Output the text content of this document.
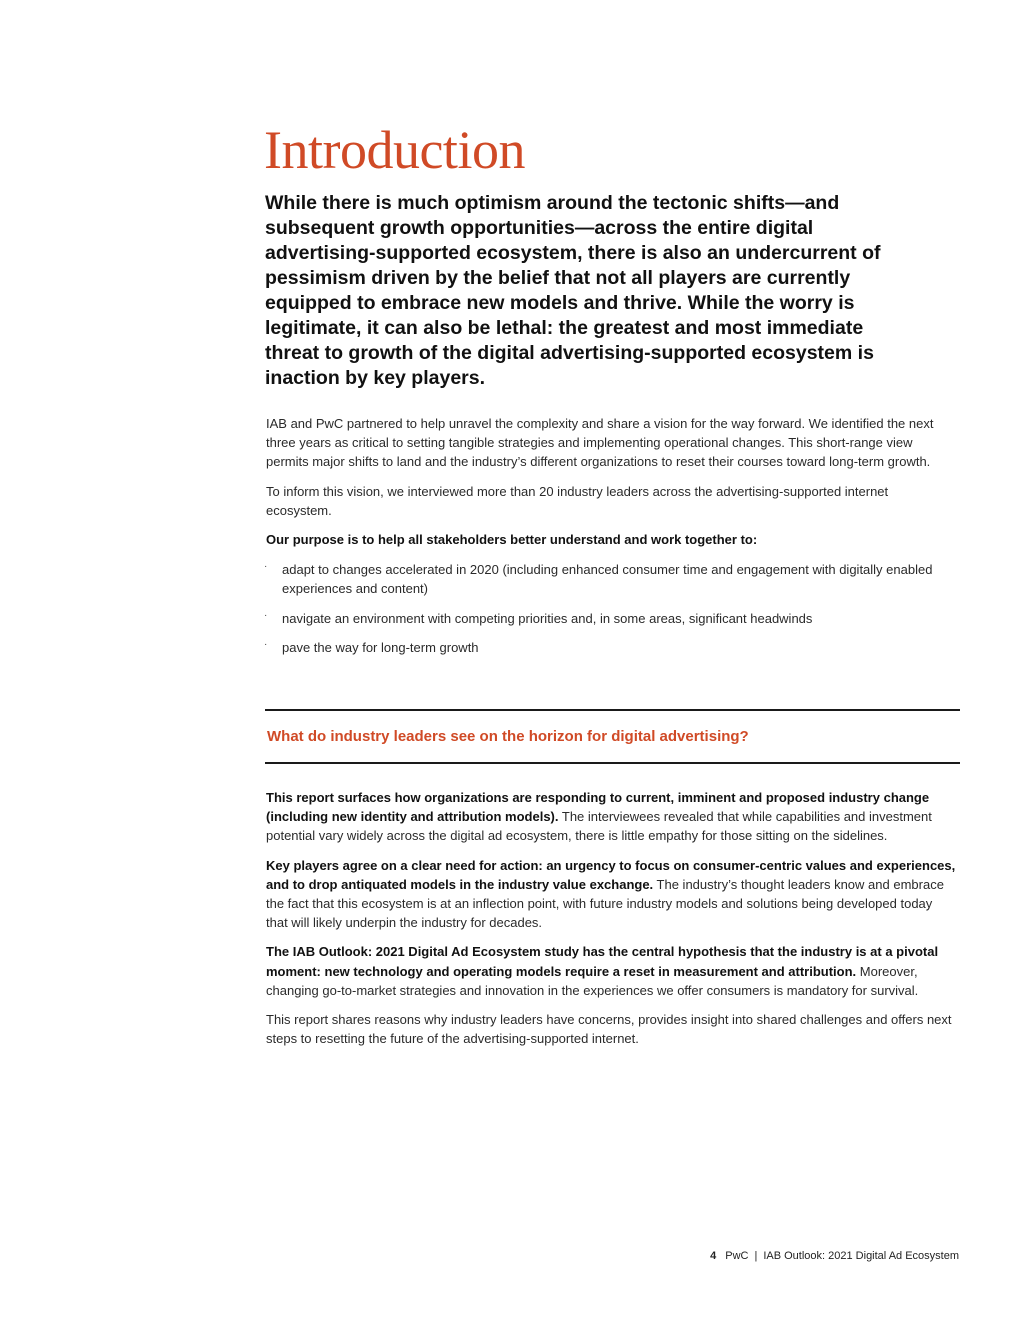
Introduction

While there is much optimism around the tectonic shifts—and subsequent growth opportunities—across the entire digital advertising-supported ecosystem, there is also an undercurrent of pessimism driven by the belief that not all players are currently equipped to embrace new models and thrive. While the worry is legitimate, it can also be lethal: the greatest and most immediate threat to growth of the digital advertising-supported ecosystem is inaction by key players.

IAB and PwC partnered to help unravel the complexity and share a vision for the way forward. We identified the next three years as critical to setting tangible strategies and implementing operational changes. This short-range view permits major shifts to land and the industry’s different organizations to reset their courses toward long-term growth.

To inform this vision, we interviewed more than 20 industry leaders across the advertising-supported internet ecosystem.

Our purpose is to help all stakeholders better understand and work together to:

· adapt to changes accelerated in 2020 (including enhanced consumer time and engagement with digitally enabled experiences and content)
· navigate an environment with competing priorities and, in some areas, significant headwinds
· pave the way for long-term growth

What do industry leaders see on the horizon for digital advertising?

This report surfaces how organizations are responding to current, imminent and proposed industry change (including new identity and attribution models). The interviewees revealed that while capabilities and investment potential vary widely across the digital ad ecosystem, there is little empathy for those sitting on the sidelines.

Key players agree on a clear need for action: an urgency to focus on consumer-centric values and experiences, and to drop antiquated models in the industry value exchange. The industry’s thought leaders know and embrace the fact that this ecosystem is at an inflection point, with future industry models and solutions being developed today that will likely underpin the industry for decades.

The IAB Outlook: 2021 Digital Ad Ecosystem study has the central hypothesis that the industry is at a pivotal moment: new technology and operating models require a reset in measurement and attribution. Moreover, changing go-to-market strategies and innovation in the experiences we offer consumers is mandatory for survival.

This report shares reasons why industry leaders have concerns, provides insight into shared challenges and offers next steps to resetting the future of the advertising-supported internet.

4 PwC | IAB Outlook: 2021 Digital Ad Ecosystem
